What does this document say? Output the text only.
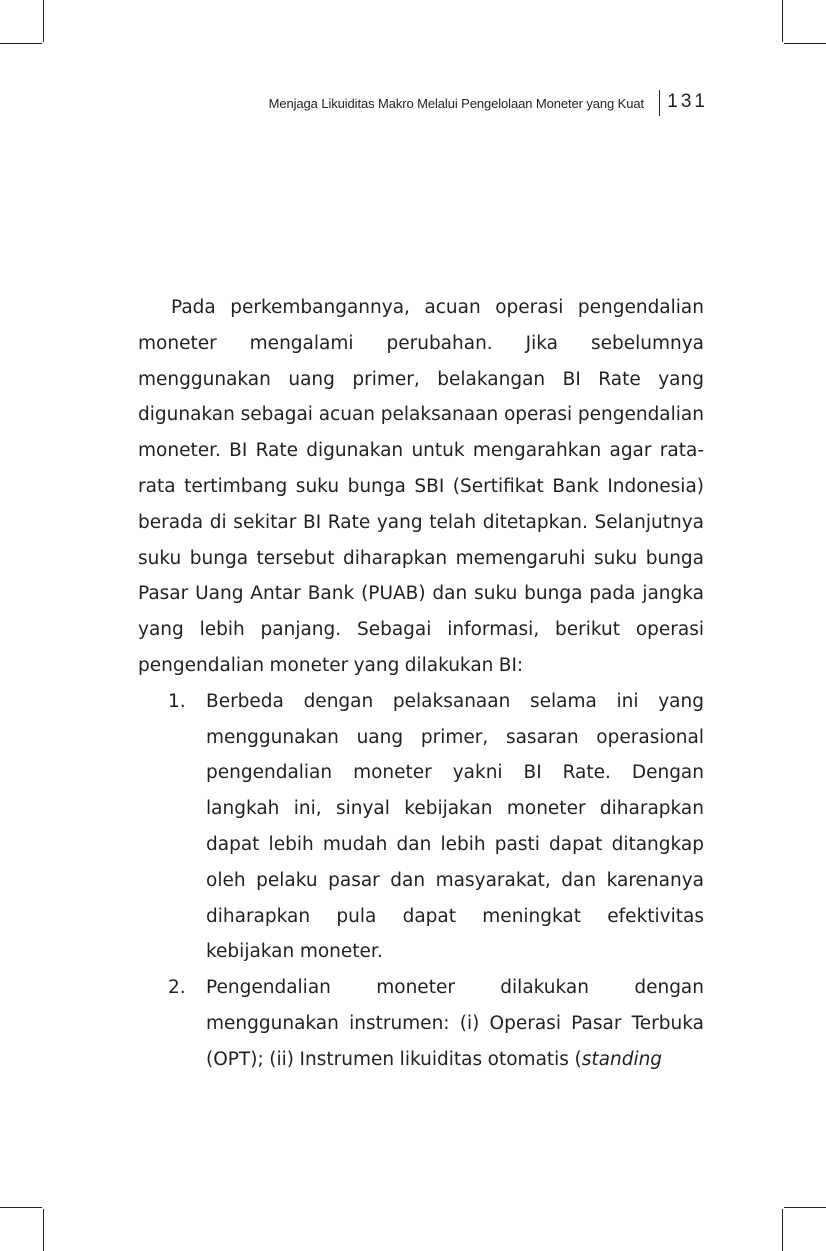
Menjaga Likuiditas Makro Melalui Pengelolaan Moneter yang Kuat 131

Pada perkembangannya, acuan operasi pengendalian moneter mengalami perubahan. Jika sebelumnya menggunakan uang primer, belakangan BI Rate yang digunakan sebagai acuan pelaksanaan operasi pengendalian moneter. BI Rate digunakan untuk mengarahkan agar rata-rata tertimbang suku bunga SBI (Sertifikat Bank Indonesia) berada di sekitar BI Rate yang telah ditetapkan. Selanjutnya suku bunga tersebut diharapkan memengaruhi suku bunga Pasar Uang Antar Bank (PUAB) dan suku bunga pada jangka yang lebih panjang. Sebagai informasi, berikut operasi pengendalian moneter yang dilakukan BI:

1. Berbeda dengan pelaksanaan selama ini yang menggunakan uang primer, sasaran operasional pengendalian moneter yakni BI Rate. Dengan langkah ini, sinyal kebijakan moneter diharapkan dapat lebih mudah dan lebih pasti dapat ditangkap oleh pelaku pasar dan masyarakat, dan karenanya diharapkan pula dapat meningkat efektivitas kebijakan moneter.
2. Pengendalian moneter dilakukan dengan menggunakan instrumen: (i) Operasi Pasar Terbuka (OPT); (ii) Instrumen likuiditas otomatis (standing
